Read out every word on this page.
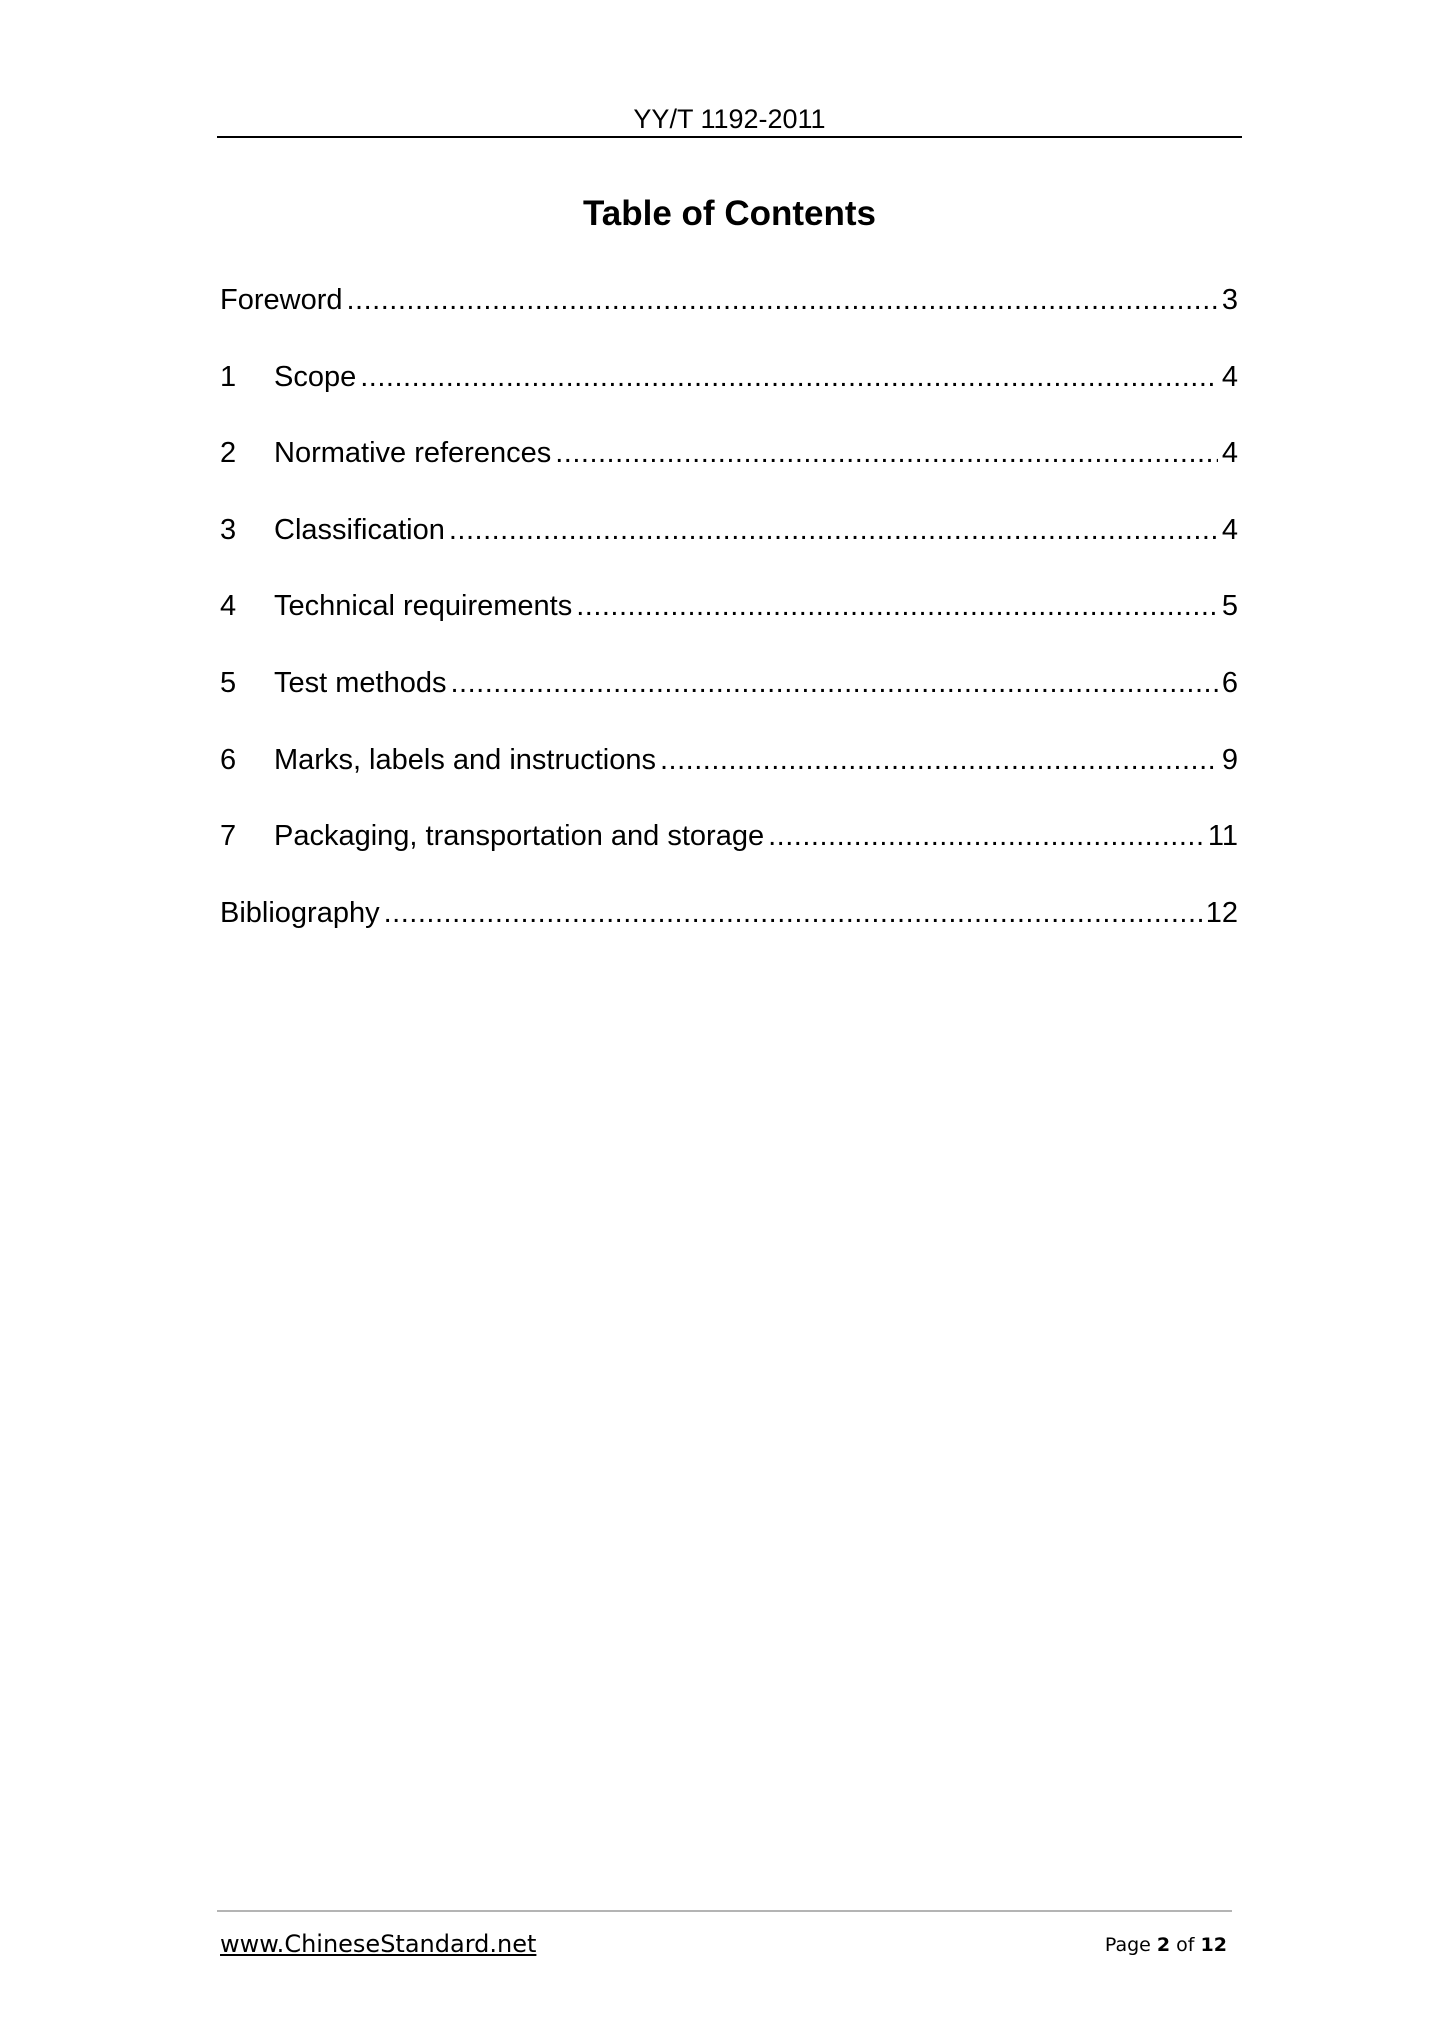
YY/T 1192-2011
Table of Contents
Foreword .....	3
1	Scope .....	4
2	Normative references .....	4
3	Classification .....	4
4	Technical requirements .....	5
5	Test methods .....	6
6	Marks, labels and instructions .....	9
7	Packaging, transportation and storage .....	11
Bibliography .....	12
www.ChineseStandard.net	Page 2 of 12
